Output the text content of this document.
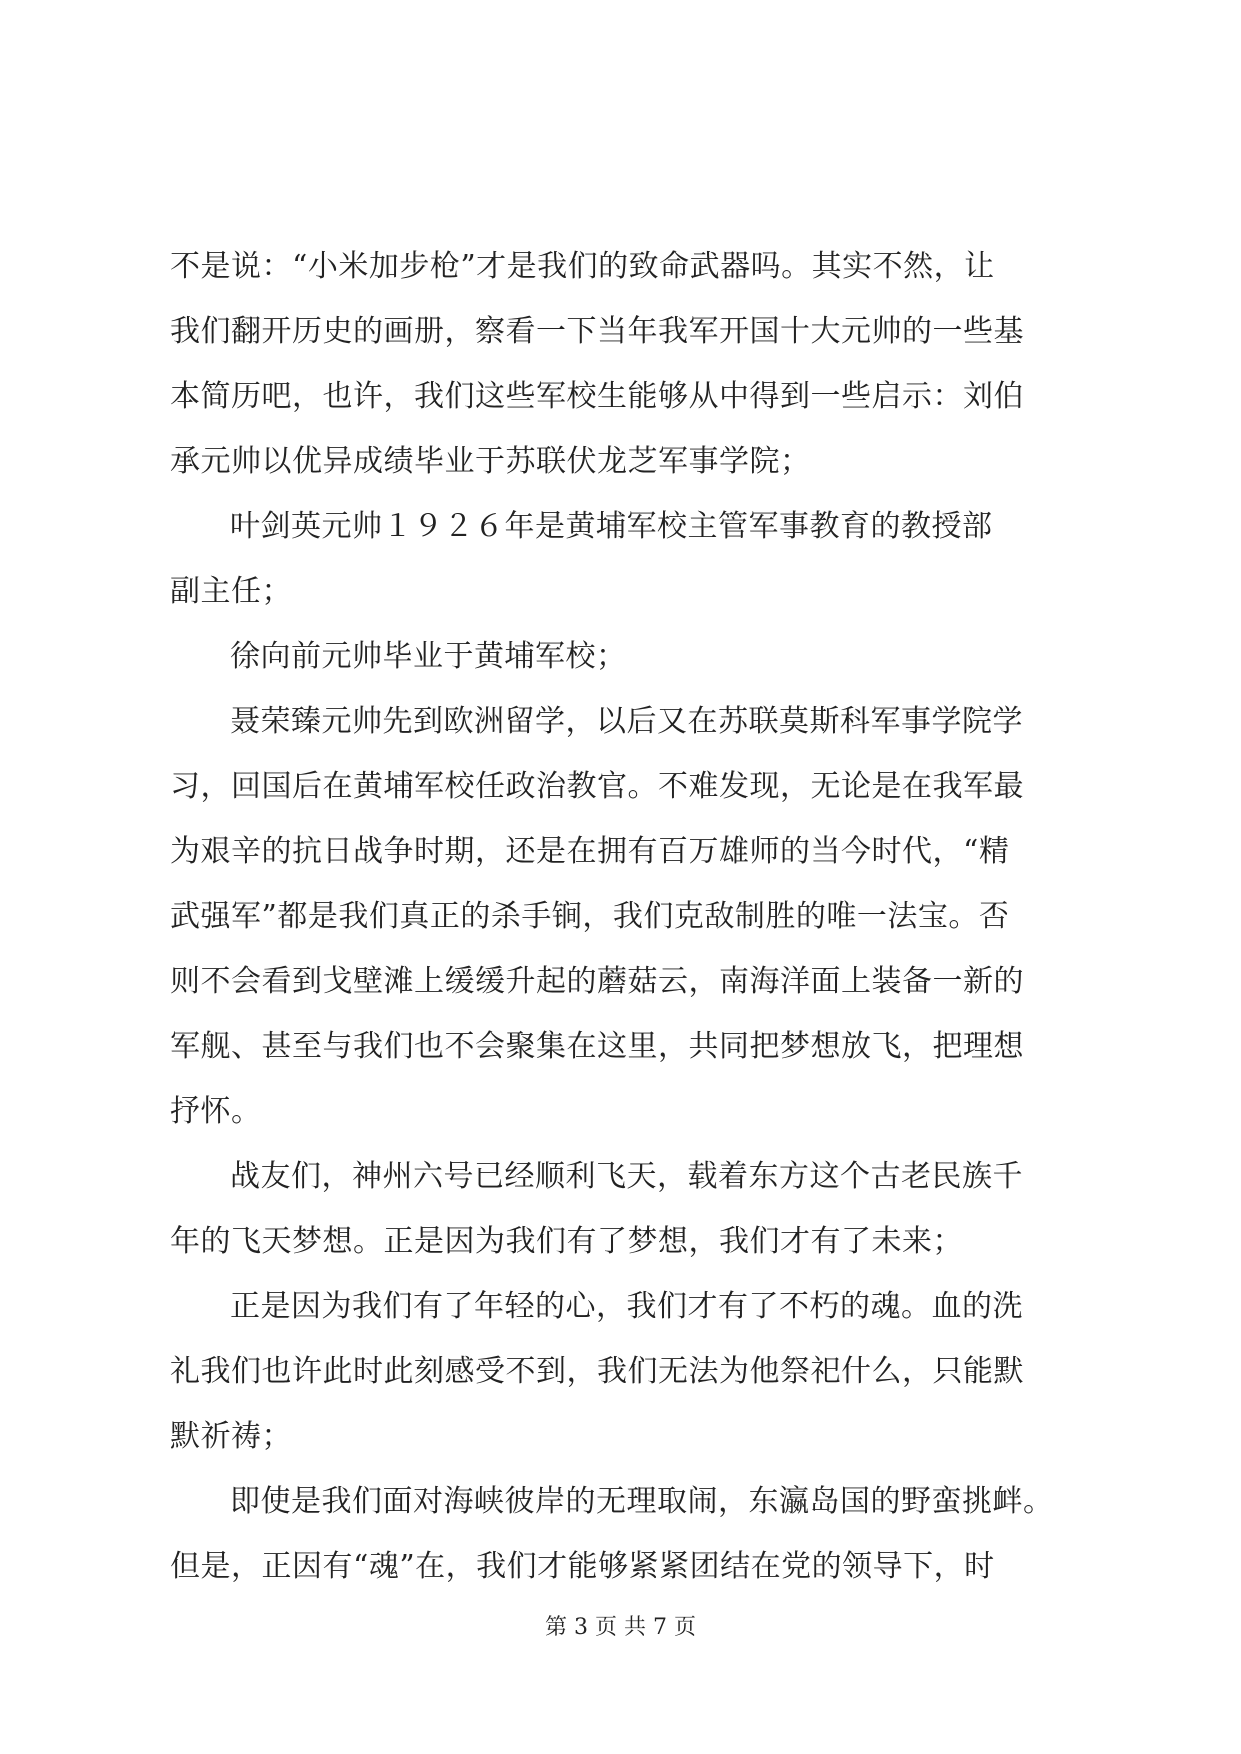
不是说：“小米加步枪”才是我们的致命武器吗。其实不然，让
我们翻开历史的画册，察看一下当年我军开国十大元帅的一些基
本简历吧，也许，我们这些军校生能够从中得到一些启示：刘伯
承元帅以优异成绩毕业于苏联伏龙芝军事学院；
叶剑英元帅１９２６年是黄埔军校主管军事教育的教授部
副主任；
徐向前元帅毕业于黄埔军校；
聂荣臻元帅先到欧洲留学，以后又在苏联莫斯科军事学院学
习，回国后在黄埔军校任政治教官。不难发现，无论是在我军最
为艰辛的抗日战争时期，还是在拥有百万雄师的当今时代，“精
武强军”都是我们真正的杀手锏，我们克敌制胜的唯一法宝。否
则不会看到戈壁滩上缓缓升起的蘑菇云，南海洋面上装备一新的
军舰、甚至与我们也不会聚集在这里，共同把梦想放飞，把理想
抒怀。
战友们，神州六号已经顺利飞天，载着东方这个古老民族千
年的飞天梦想。正是因为我们有了梦想，我们才有了未来；
正是因为我们有了年轻的心，我们才有了不朽的魂。血的洗
礼我们也许此时此刻感受不到，我们无法为他祭祀什么，只能默
默祈祷；
即使是我们面对海峡彼岸的无理取闹，东瀛岛国的野蛮挑衅。
但是，正因有“魂”在，我们才能够紧紧团结在党的领导下，时
第 3 页 共 7 页
